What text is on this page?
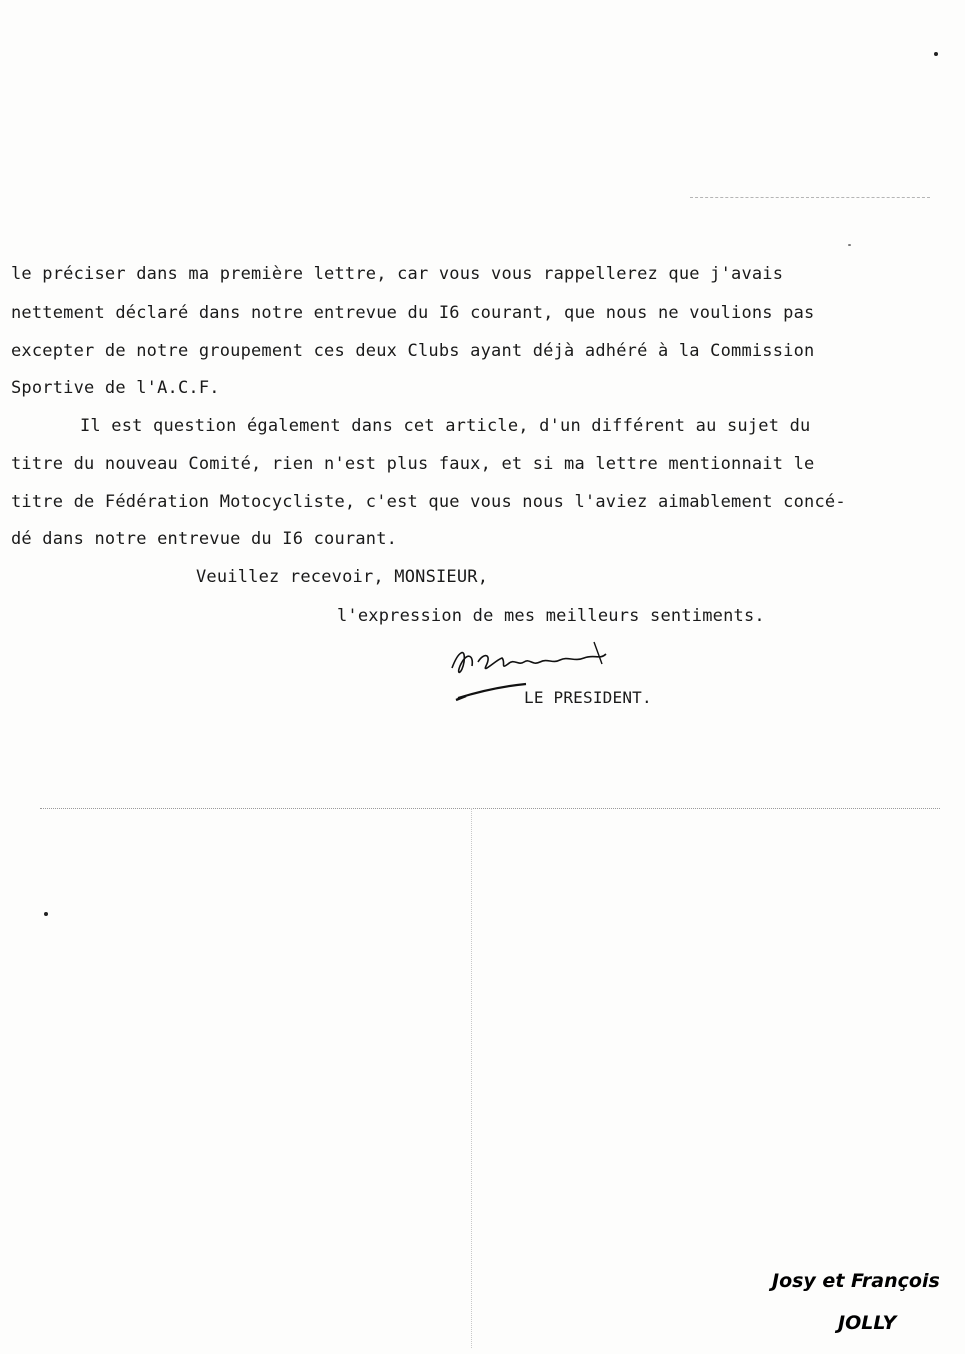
le préciser dans ma première lettre, car vous vous rappellerez que j'avais
nettement déclaré dans notre entrevue du I6 courant, que nous ne voulions pas
excepter de notre groupement ces deux Clubs ayant déjà adhéré à la Commission
Sportive de l'A.C.F.
Il est question également dans cet article, d'un différent au sujet du
titre du nouveau Comité, rien n'est plus faux, et si ma lettre mentionnait le
titre de Fédération Motocycliste, c'est que vous nous l'aviez aimablement concé-
dé dans notre entrevue du I6 courant.
Veuillez recevoir, MONSIEUR,
l'expression de mes meilleurs sentiments.
LE PRESIDENT.
Josy et François
JOLLY
